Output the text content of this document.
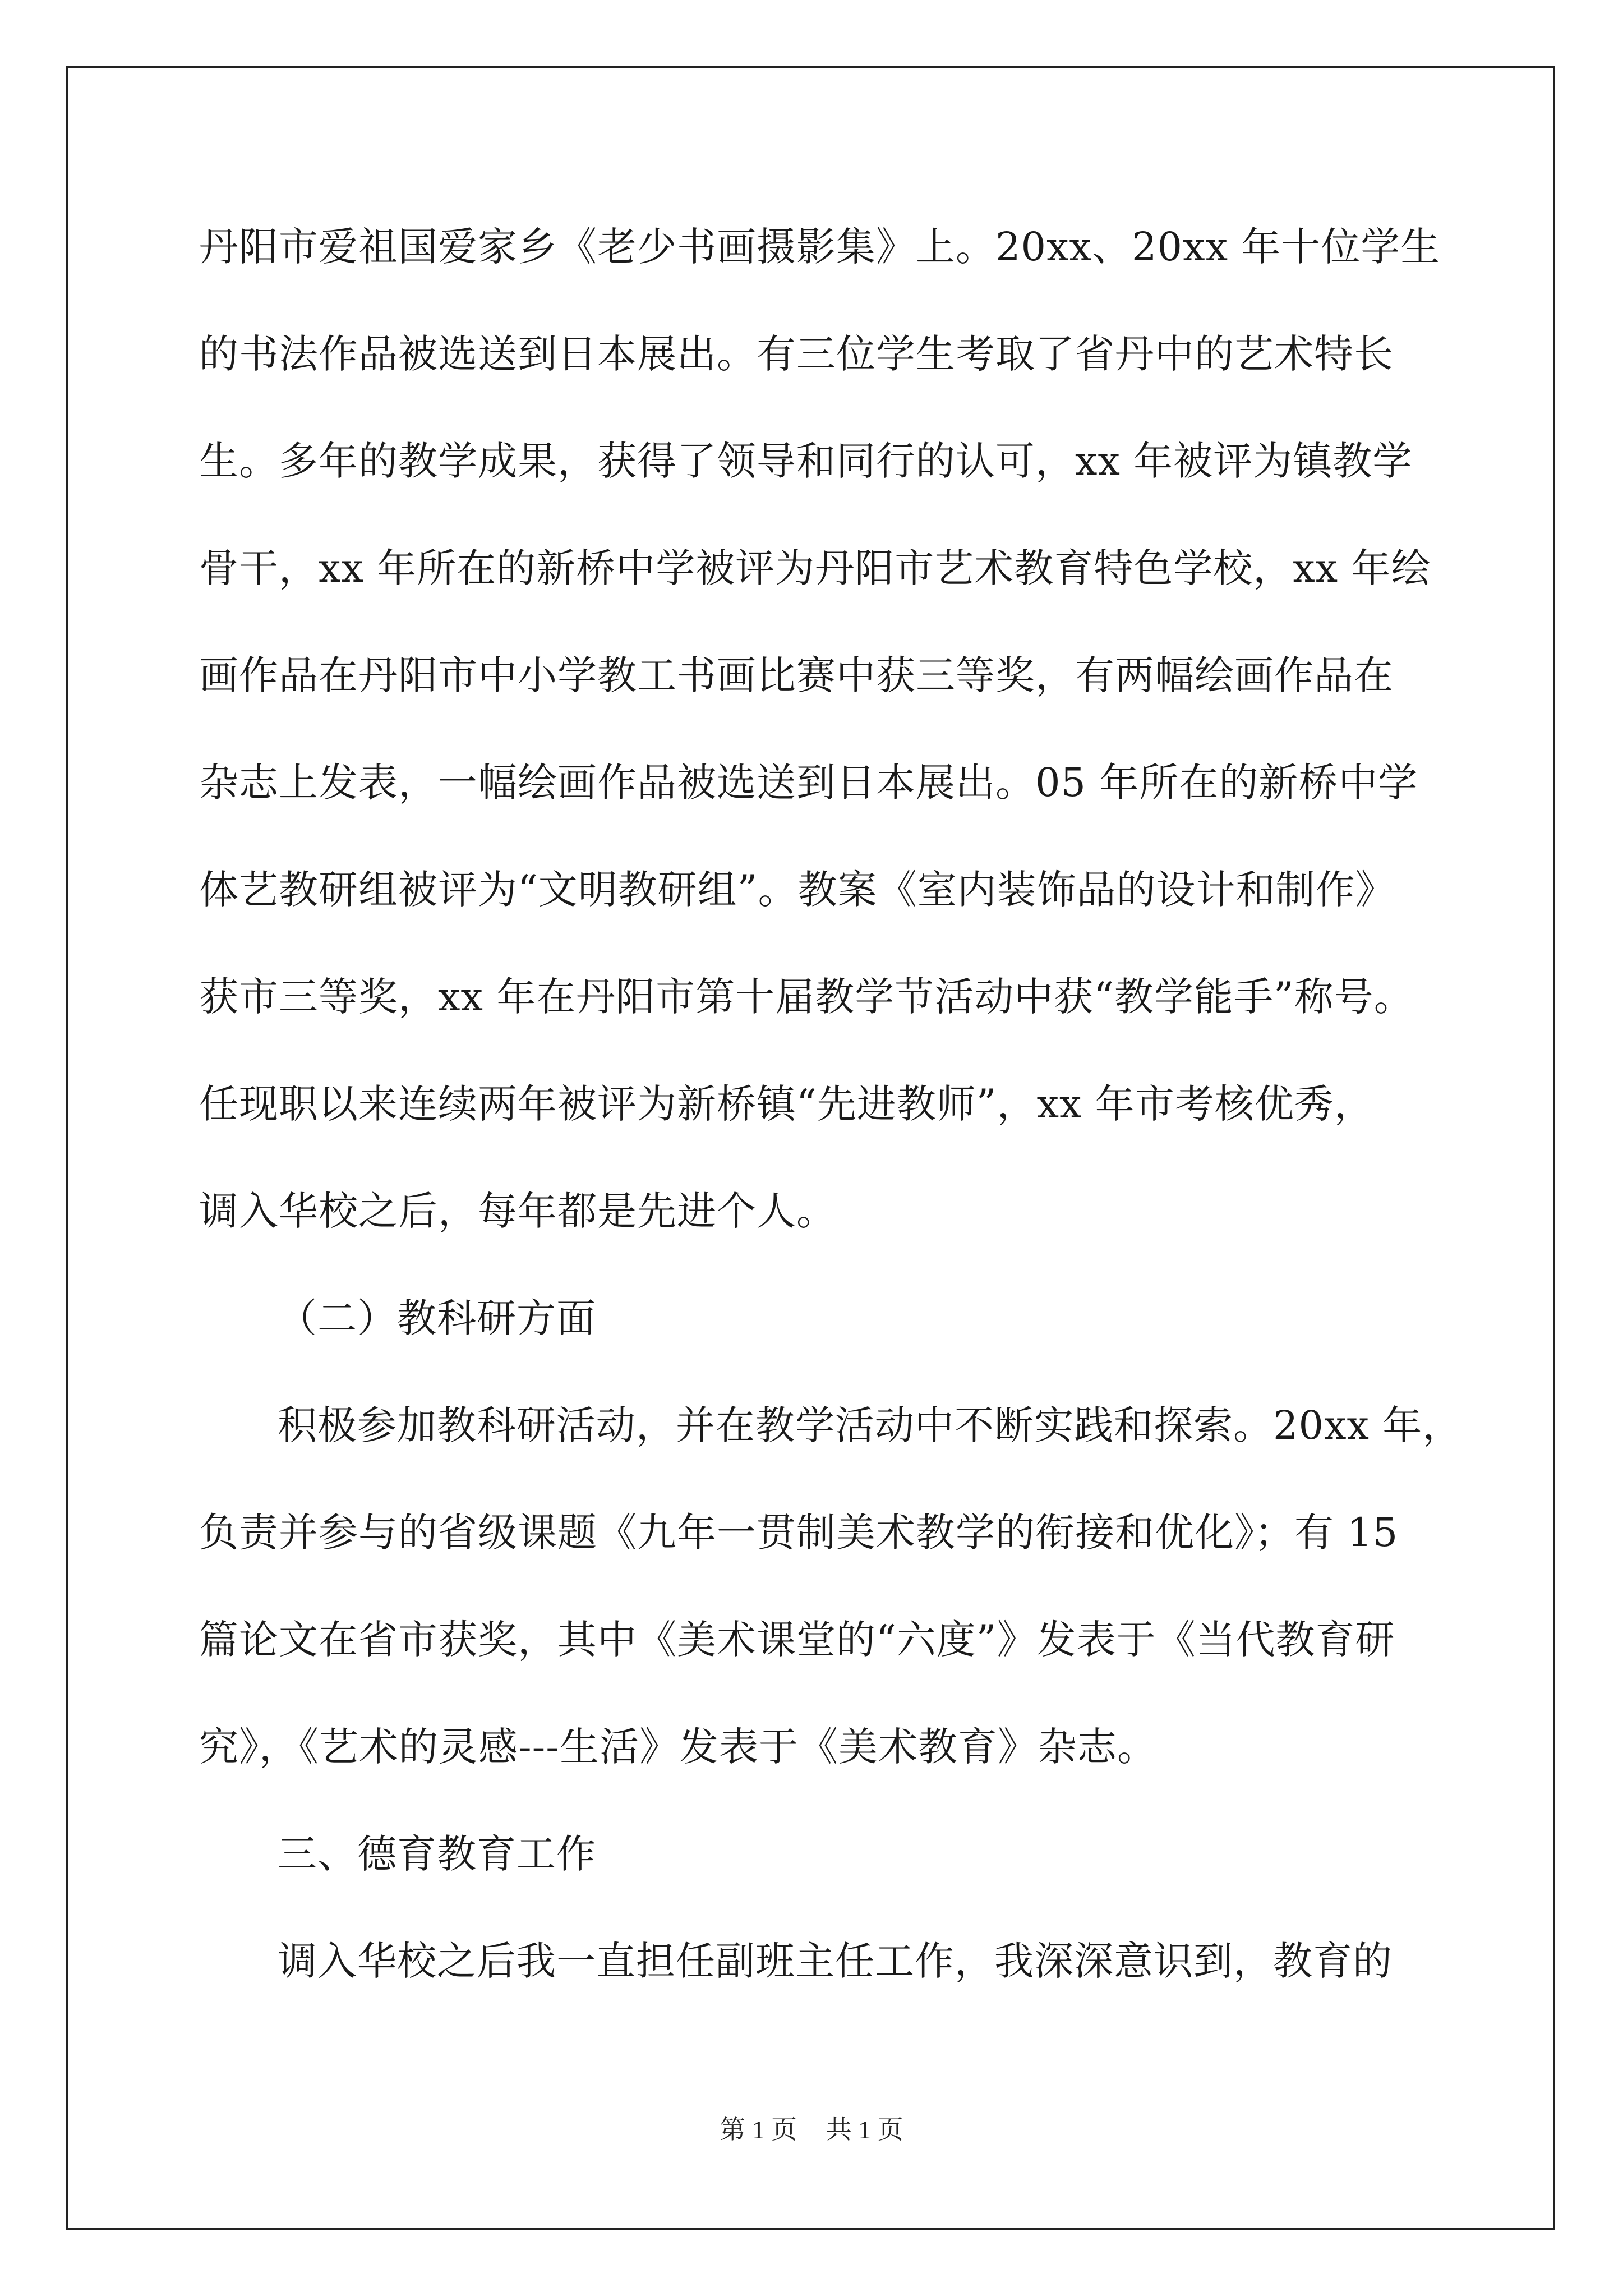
丹阳市爱祖国爱家乡《老少书画摄影集》上。20xx、20xx 年十位学生
的书法作品被选送到日本展出。有三位学生考取了省丹中的艺术特长
生。多年的教学成果，获得了领导和同行的认可，xx 年被评为镇教学
骨干，xx 年所在的新桥中学被评为丹阳市艺术教育特色学校，xx 年绘
画作品在丹阳市中小学教工书画比赛中获三等奖，有两幅绘画作品在
杂志上发表，一幅绘画作品被选送到日本展出。05 年所在的新桥中学
体艺教研组被评为“文明教研组”。教案《室内装饰品的设计和制作》
获市三等奖，xx 年在丹阳市第十届教学节活动中获“教学能手”称号。
任现职以来连续两年被评为新桥镇“先进教师”，xx 年市考核优秀，
调入华校之后，每年都是先进个人。
（二）教科研方面
积极参加教科研活动，并在教学活动中不断实践和探索。20xx 年，
负责并参与的省级课题《九年一贯制美术教学的衔接和优化》；有 15
篇论文在省市获奖，其中《美术课堂的“六度”》发表于《当代教育研
究》，《艺术的灵感---生活》发表于《美术教育》杂志。
三、德育教育工作
调入华校之后我一直担任副班主任工作，我深深意识到，教育的
第 1 页 共 1 页
